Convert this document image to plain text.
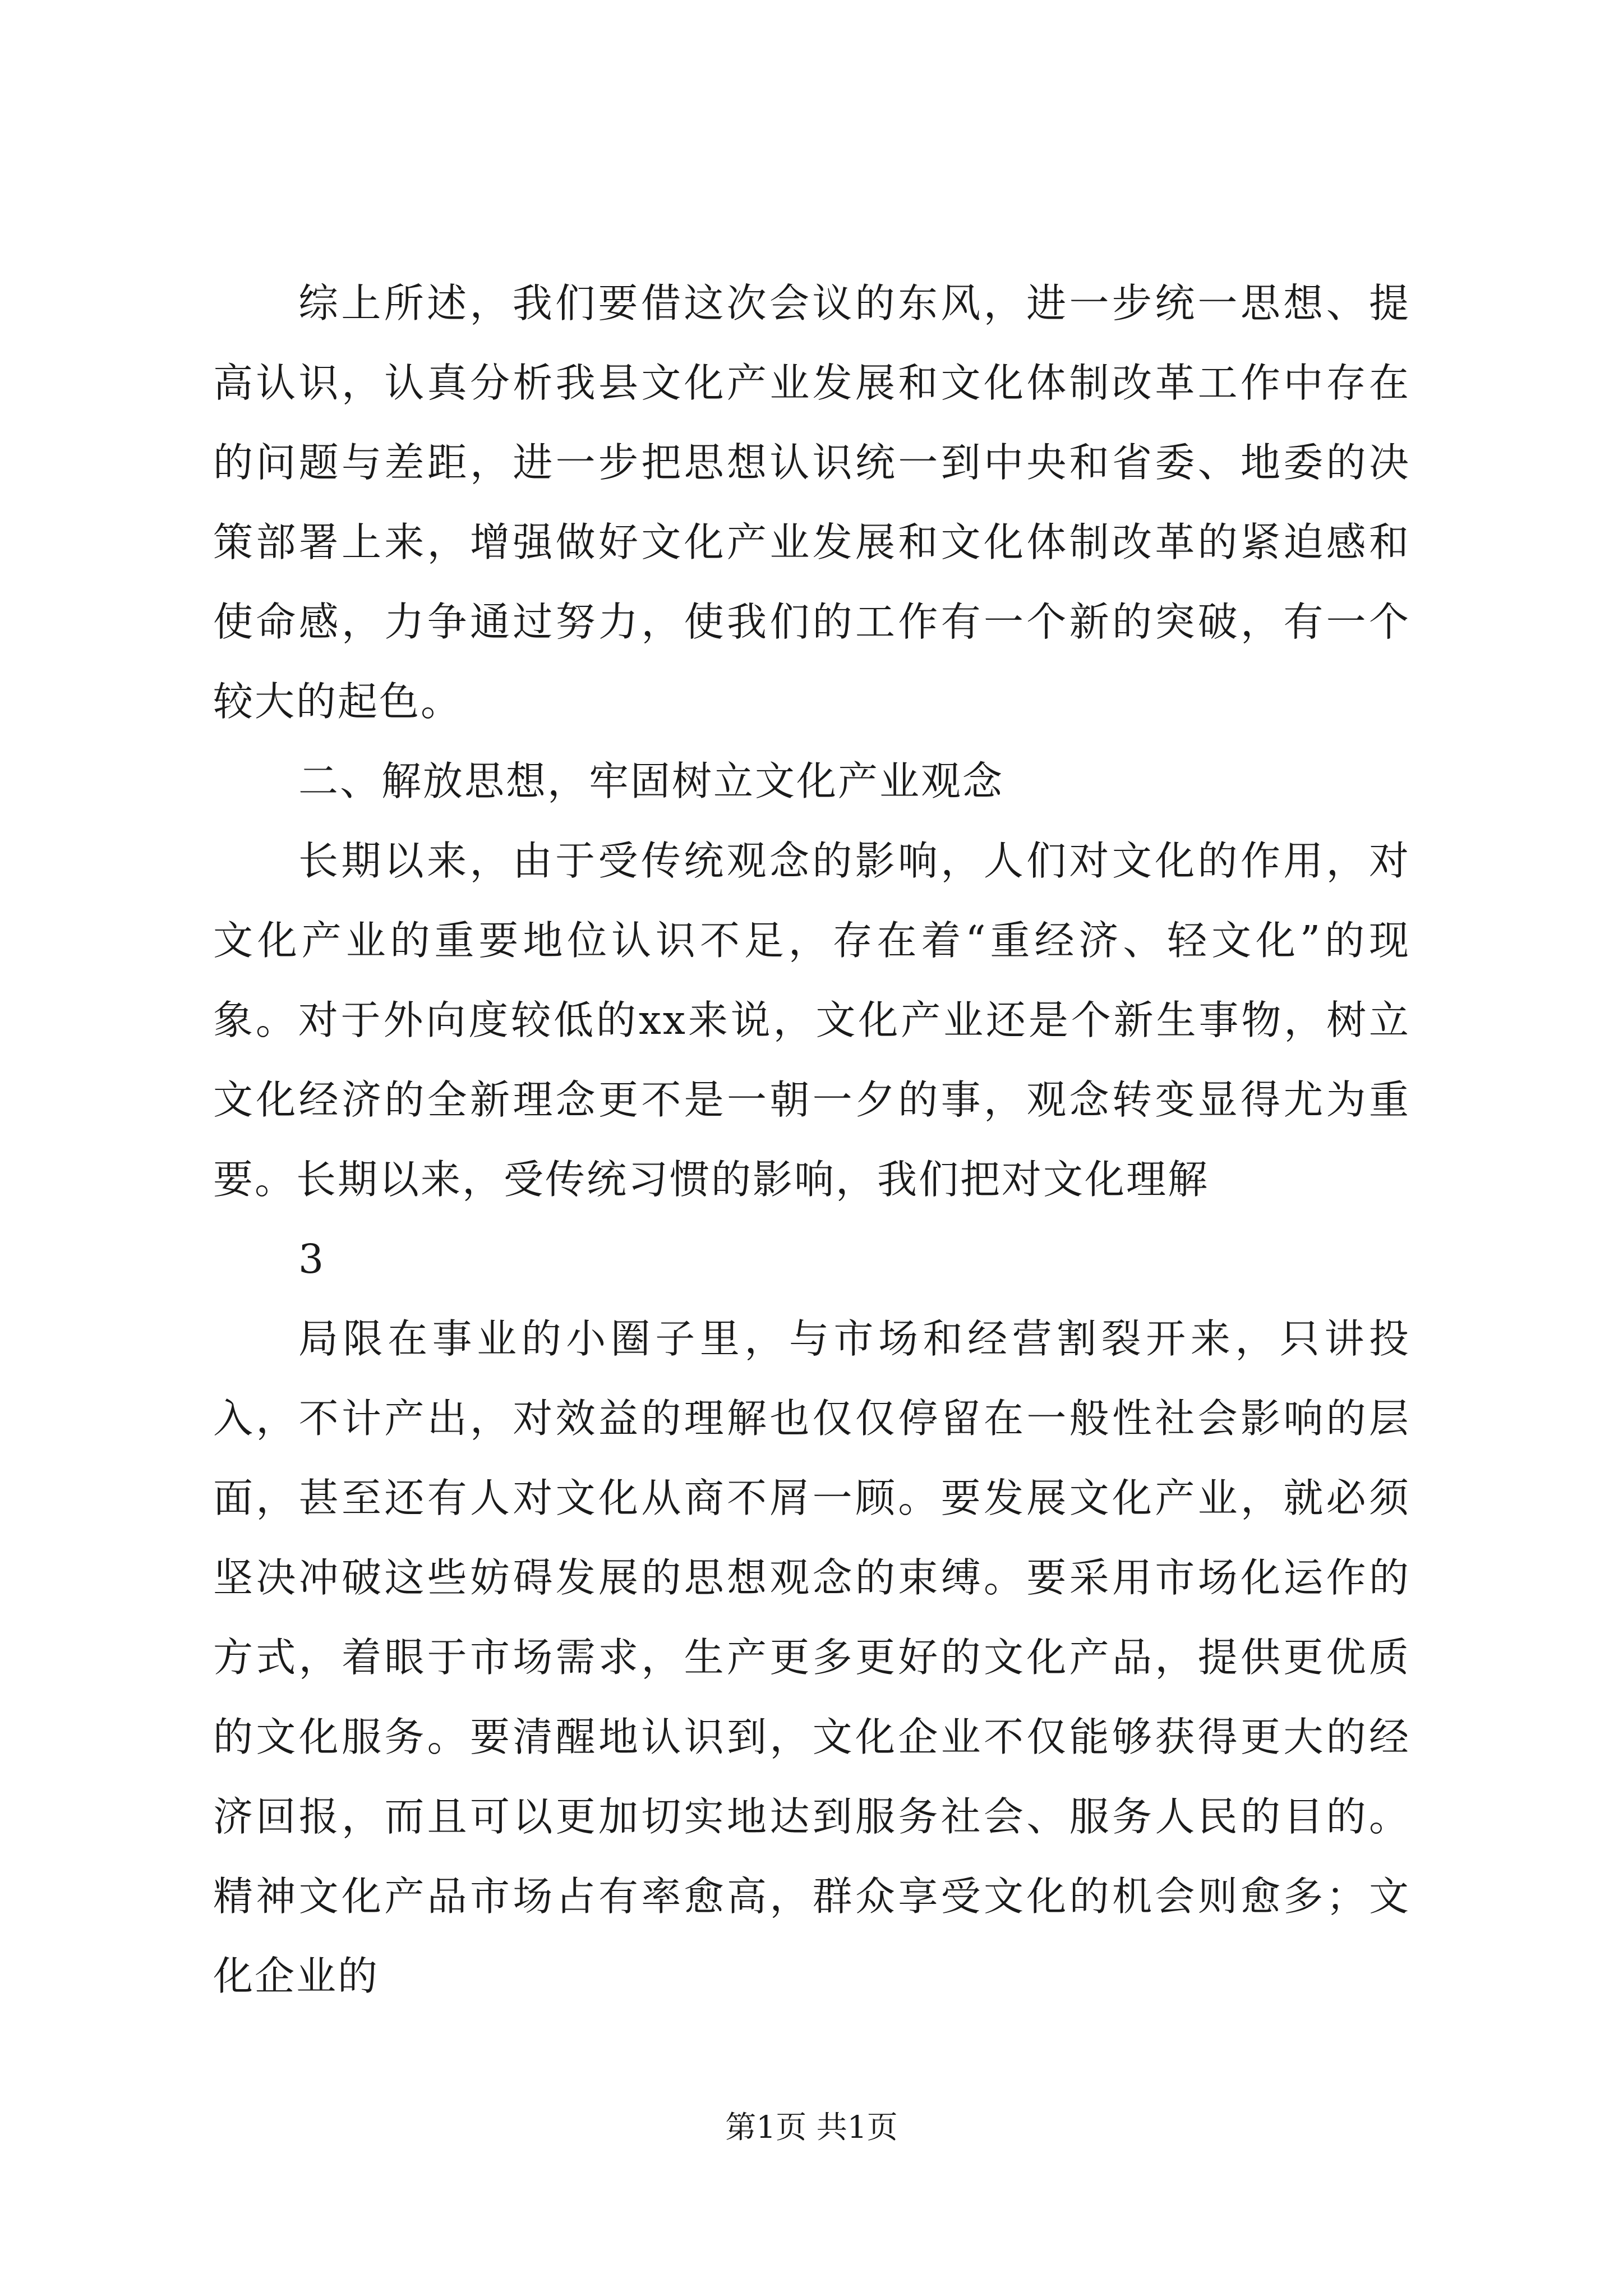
综上所述，我们要借这次会议的东风，进一步统一思想、提高认识，认真分析我县文化产业发展和文化体制改革工作中存在的问题与差距，进一步把思想认识统一到中央和省委、地委的决策部署上来，增强做好文化产业发展和文化体制改革的紧迫感和使命感，力争通过努力，使我们的工作有一个新的突破，有一个较大的起色。

二、解放思想，牢固树立文化产业观念

长期以来，由于受传统观念的影响，人们对文化的作用，对文化产业的重要地位认识不足，存在着“重经济、轻文化”的现象。对于外向度较低的xx来说，文化产业还是个新生事物，树立文化经济的全新理念更不是一朝一夕的事，观念转变显得尤为重要。长期以来，受传统习惯的影响，我们把对文化理解

3

局限在事业的小圈子里，与市场和经营割裂开来，只讲投入，不计产出，对效益的理解也仅仅停留在一般性社会影响的层面，甚至还有人对文化从商不屑一顾。要发展文化产业，就必须坚决冲破这些妨碍发展的思想观念的束缚。要采用市场化运作的方式，着眼于市场需求，生产更多更好的文化产品，提供更优质的文化服务。要清醒地认识到，文化企业不仅能够获得更大的经济回报，而且可以更加切实地达到服务社会、服务人民的目的。精神文化产品市场占有率愈高，群众享受文化的机会则愈多；文化企业的

第1页 共1页
